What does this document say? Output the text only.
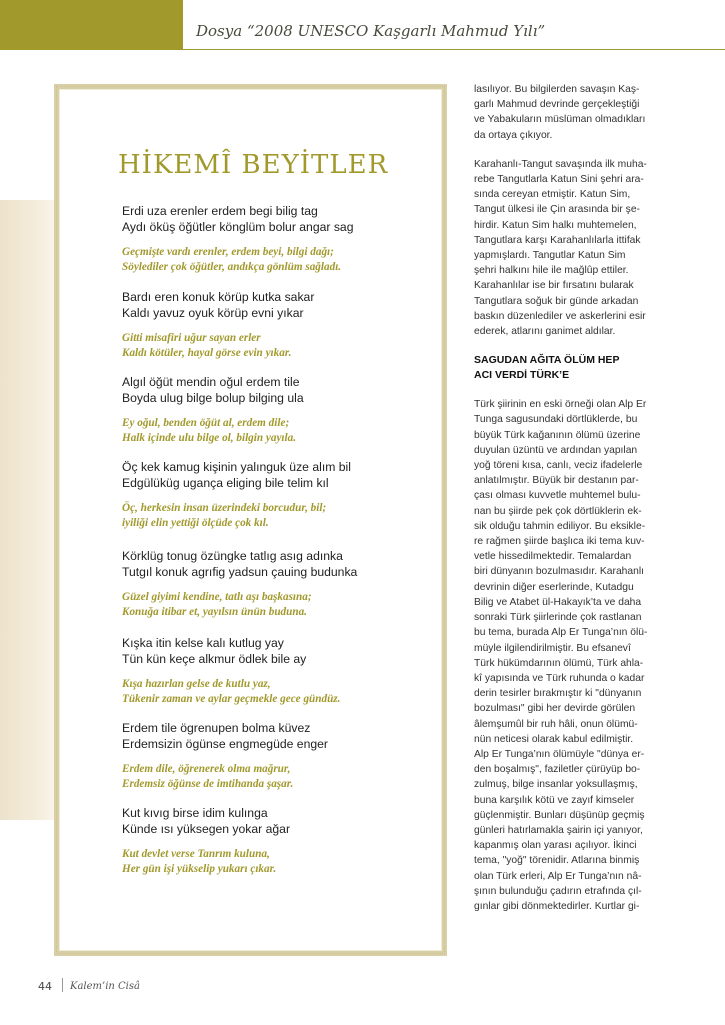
Dosya “2008 UNESCO Kaşgarlı Mahmud Yılı”
HİKEMÎ BEYİTLER
Erdi uza erenler erdem begi bilig tag
Aydı öküş öğütler könglüm bolur angar sag
Geçmişte vardı erenler, erdem beyi, bilgi dağı;
Söylediler çok öğütler, andıkça gönlüm sağladı.
Bardı eren konuk körüp kutka sakar
Kaldı yavuz oyuk körüp evni yıkar
Gitti misafiri uğur sayan erler
Kaldı kötüler, hayal görse evin yıkar.
Algıl öğüt mendin oğul erdem tile
Boyda ulug bilge bolup bilging ula
Ey oğul, benden öğüt al, erdem dile;
Halk içinde ulu bilge ol, bilgin yayıla.
Öç kek kamug kişinin yalınguk üze alım bil
Edgülüküg ugança eliging bile telim kıl
Öç, herkesin insan üzerindeki borcudur, bil;
iyiliği elin yettiği ölçüde çok kıl.
Körklüg tonug özüngke tatlıg asıg adınka
Tutgıl konuk agrıfig yadsun çauing budunka
Güzel giyimi kendine, tatlı aşı başkasına;
Konuğa itibar et, yayılsın ünün buduna.
Kışka itin kelse kalı kutlug yay
Tün kün keçe alkmur ödlek bile ay
Kışa hazırlan gelse de kutlu yaz,
Tükenir zaman ve aylar geçmekle gece gündüz.
Erdem tile ögrenupen bolma küvez
Erdemsizin ögünse engmegüde enger
Erdem dile, öğrenerek olma mağrur,
Erdemsiz öğünse de imtihanda şaşar.
Kut kıvıg birse idim kulınga
Künde ısı yüksegen yokar ağar
Kut devlet verse Tanrım kuluna,
Her gün işi yükselip yukarı çıkar.

lasılıyor. Bu bilgilerden savaşın Kaş-
garlı Mahmud devrinde gerçekleştiği
ve Yabakuların müslüman olmadıkları
da ortaya çıkıyor.

Karahanlı-Tangut savaşında ilk muha-
rebe Tangutlarla Katun Sini şehri ara-
sında cereyan etmiştir. Katun Sim,
Tangut ülkesi ile Çin arasında bir şe-
hirdir. Katun Sim halkı muhtemelen,
Tangutlara karşı Karahanlılarla ittifak
yapmışlardı. Tangutlar Katun Sim
şehri halkını hile ile mağlûp ettiler.
Karahanlılar ise bir fırsatını bularak
Tangutlara soğuk bir günde arkadan
baskın düzenlediler ve askerlerini esir
ederek, atlarını ganimet aldılar.

SAGUDAN AĞITA ÖLÜM HEP
ACI VERDİ TÜRK’E

Türk şiirinin en eski örneği olan Alp Er
Tunga sagusundaki dörtlüklerde, bu
büyük Türk kağanının ölümü üzerine
duyulan üzüntü ve ardından yapılan
yoğ töreni kısa, canlı, veciz ifadelerle
anlatılmıştır. Büyük bir destanın par-
çası olması kuvvetle muhtemel bulu-
nan bu şiirde pek çok dörtlüklerin ek-
sik olduğu tahmin ediliyor. Bu eksikle-
re rağmen şiirde başlıca iki tema kuv-
vetle hissedilmektedir. Temalardan
biri dünyanın bozulmasıdır. Karahanlı
devrinin diğer eserlerinde, Kutadgu
Bilig ve Atabet ül-Hakayık’ta ve daha
sonraki Türk şiirlerinde çok rastlanan
bu tema, burada Alp Er Tunga’nın ölü-
müyle ilgilendirilmiştir. Bu efsanevî
Türk hükümdarının ölümü, Türk ahla-
kî yapısında ve Türk ruhunda o kadar
derin tesirler bırakmıştır ki "dünyanın
bozulması" gibi her devirde görülen
âlemşumûl bir ruh hâli, onun ölümü-
nün neticesi olarak kabul edilmiştir.
Alp Er Tunga’nın ölümüyle "dünya er-
den boşalmış", faziletler çürüyüp bo-
zulmuş, bilge insanlar yoksullaşmış,
buna karşılık kötü ve zayıf kimseler
güçlenmiştir. Bunları düşünüp geçmiş
günleri hatırlamakla şairin içi yanıyor,
kapanmış olan yarası açılıyor. İkinci
tema, "yoğ" törenidir. Atlarına binmiş
olan Türk erleri, Alp Er Tunga’nın nâ-
şının bulunduğu çadırın etrafında çıl-
gınlar gibi dönmektedirler. Kurtlar gi-

44 Kalem’in Cisâ
